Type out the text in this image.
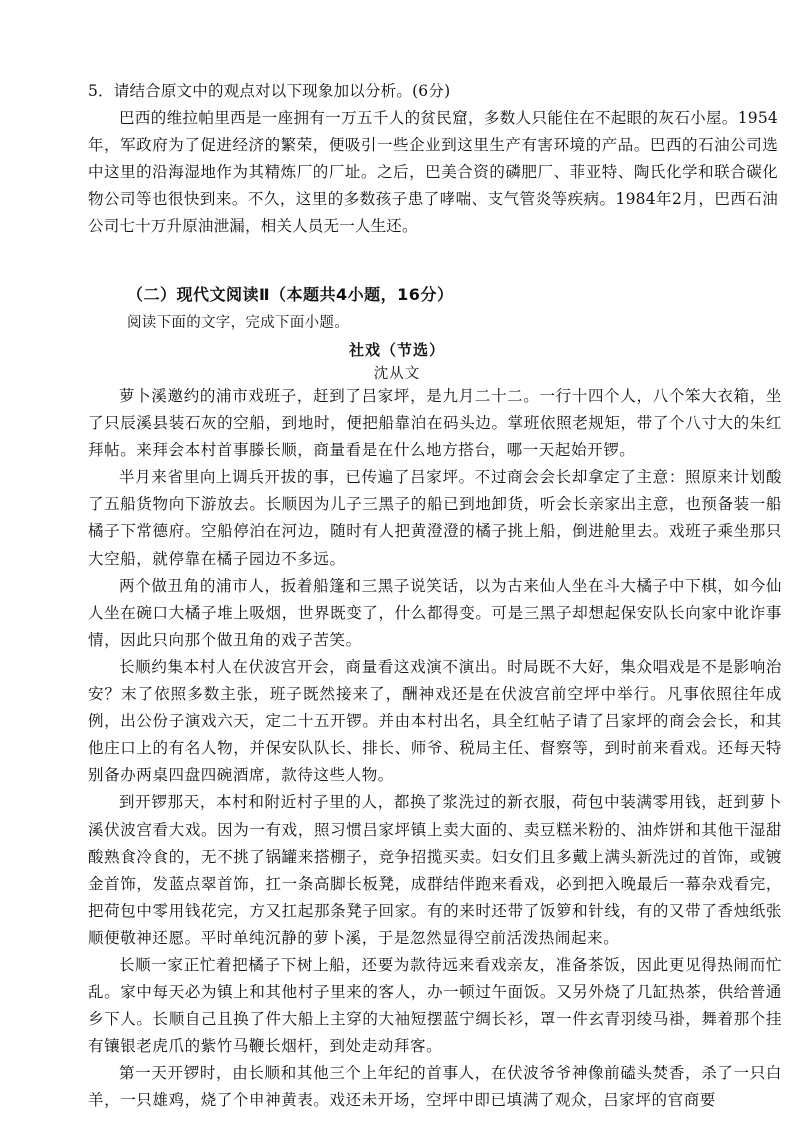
5．请结合原文中的观点对以下现象加以分析。(6分)

巴西的维拉帕里西是一座拥有一万五千人的贫民窟，多数人只能住在不起眼的灰石小屋。1954年，军政府为了促进经济的繁荣，便吸引一些企业到这里生产有害环境的产品。巴西的石油公司选中这里的沿海湿地作为其精炼厂的厂址。之后，巴美合资的磷肥厂、菲亚特、陶氏化学和联合碳化物公司等也很快到来。不久，这里的多数孩子患了哮喘、支气管炎等疾病。1984年2月，巴西石油公司七十万升原油泄漏，相关人员无一人生还。

（二）现代文阅读Ⅱ（本题共4小题，16分）
阅读下面的文字，完成下面小题。
社戏（节选）
沈从文

萝卜溪邀约的浦市戏班子，赶到了吕家坪，是九月二十二。一行十四个人，八个笨大衣箱，坐了只辰溪县装石灰的空船，到地时，便把船靠泊在码头边。掌班依照老规矩，带了个八寸大的朱红拜帖。来拜会本村首事滕长顺，商量看是在什么地方搭台，哪一天起始开锣。

半月来省里向上调兵开拔的事，已传遍了吕家坪。不过商会会长却拿定了主意：照原来计划酸了五船货物向下游放去。长顺因为儿子三黑子的船已到地卸货，听会长亲家出主意，也预备装一船橘子下常德府。空船停泊在河边，随时有人把黄澄澄的橘子挑上船，倒进舱里去。戏班子乘坐那只大空船，就停靠在橘子园边不多远。

两个做丑角的浦市人，扳着船篷和三黑子说笑话，以为古来仙人坐在斗大橘子中下棋，如今仙人坐在碗口大橘子堆上吸烟，世界既变了，什么都得变。可是三黑子却想起保安队长向家中讹诈事情，因此只向那个做丑角的戏子苦笑。

长顺约集本村人在伏波宫开会，商量看这戏演不演出。时局既不大好，集众唱戏是不是影响治安？末了依照多数主张，班子既然接来了，酬神戏还是在伏波宫前空坪中举行。凡事依照往年成例，出公份子演戏六天，定二十五开锣。并由本村出名，具全红帖子请了吕家坪的商会会长，和其他庄口上的有名人物，并保安队队长、排长、师爷、税局主任、督察等，到时前来看戏。还每天特别备办两桌四盘四碗酒席，款待这些人物。

到开锣那天，本村和附近村子里的人，都换了浆洗过的新衣服，荷包中装满零用钱，赶到萝卜溪伏波宫看大戏。因为一有戏，照习惯吕家坪镇上卖大面的、卖豆糕米粉的、油炸饼和其他干湿甜酸熟食冷食的，无不挑了锅罐来搭棚子，竞争招揽买卖。妇女们且多戴上满头新洗过的首饰，或镀金首饰，发蓝点翠首饰，扛一条高脚长板凳，成群结伴跑来看戏，必到把入晚最后一幕杂戏看完，把荷包中零用钱花完，方又扛起那条凳子回家。有的来时还带了饭箩和针线，有的又带了香烛纸张顺便敬神还愿。平时单纯沉静的萝卜溪，于是忽然显得空前活泼热闹起来。

长顺一家正忙着把橘子下树上船，还要为款待远来看戏亲友，准备茶饭，因此更见得热闹而忙乱。家中每天必为镇上和其他村子里来的客人，办一顿过午面饭。又另外烧了几缸热茶，供给普通乡下人。长顺自己且换了件大船上主穿的大袖短摆蓝宁绸长衫，罩一件玄青羽绫马褂，舞着那个挂有镶银老虎爪的紫竹马鞭长烟杆，到处走动拜客。

第一天开锣时，由长顺和其他三个上年纪的首事人，在伏波爷爷神像前磕头焚香，杀了一只白羊，一只雄鸡，烧了个申神黄表。戏还未开场，空坪中即已填满了观众，吕家坪的官商要
